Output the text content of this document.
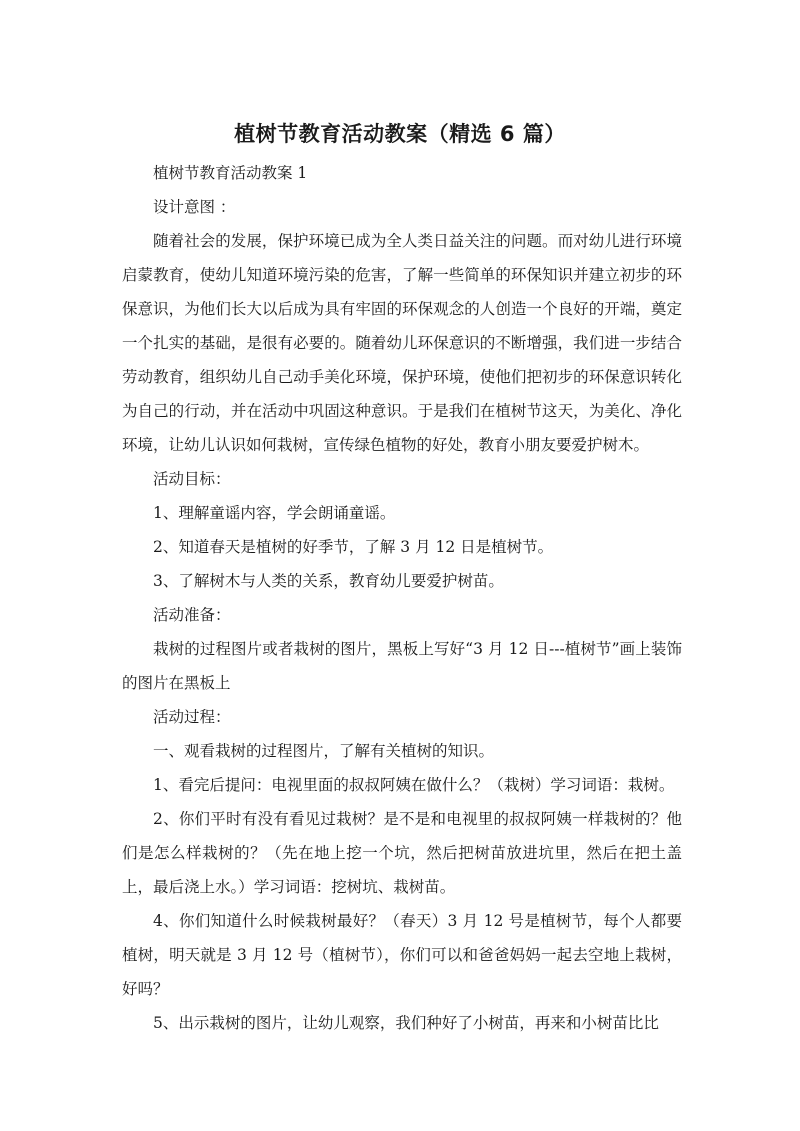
植树节教育活动教案（精选 6 篇）

植树节教育活动教案 1

设计意图 ：

随着社会的发展，保护环境已成为全人类日益关注的问题。而对幼儿进行环境启蒙教育，使幼儿知道环境污染的危害，了解一些简单的环保知识并建立初步的环保意识，为他们长大以后成为具有牢固的环保观念的人创造一个良好的开端，奠定一个扎实的基础，是很有必要的。随着幼儿环保意识的不断增强，我们进一步结合劳动教育，组织幼儿自己动手美化环境，保护环境，使他们把初步的环保意识转化为自己的行动，并在活动中巩固这种意识。于是我们在植树节这天，为美化、净化环境，让幼儿认识如何栽树，宣传绿色植物的好处，教育小朋友要爱护树木。

活动目标：

1、理解童谣内容，学会朗诵童谣。

2、知道春天是植树的好季节，了解 3 月 12 日是植树节。

3、了解树木与人类的关系，教育幼儿要爱护树苗。

活动准备：

栽树的过程图片或者栽树的图片，黑板上写好“3 月 12 日---植树节”画上装饰的图片在黑板上

活动过程：

一、观看栽树的过程图片，了解有关植树的知识。

1、看完后提问：电视里面的叔叔阿姨在做什么？（栽树）学习词语：栽树。

2、你们平时有没有看见过栽树？是不是和电视里的叔叔阿姨一样栽树的？他们是怎么样栽树的？（先在地上挖一个坑，然后把树苗放进坑里，然后在把土盖上，最后浇上水。）学习词语：挖树坑、栽树苗。

4、你们知道什么时候栽树最好？（春天）3 月 12 号是植树节，每个人都要植树，明天就是 3 月 12 号（植树节），你们可以和爸爸妈妈一起去空地上栽树，好吗？

5、出示栽树的图片，让幼儿观察，我们种好了小树苗，再来和小树苗比比
